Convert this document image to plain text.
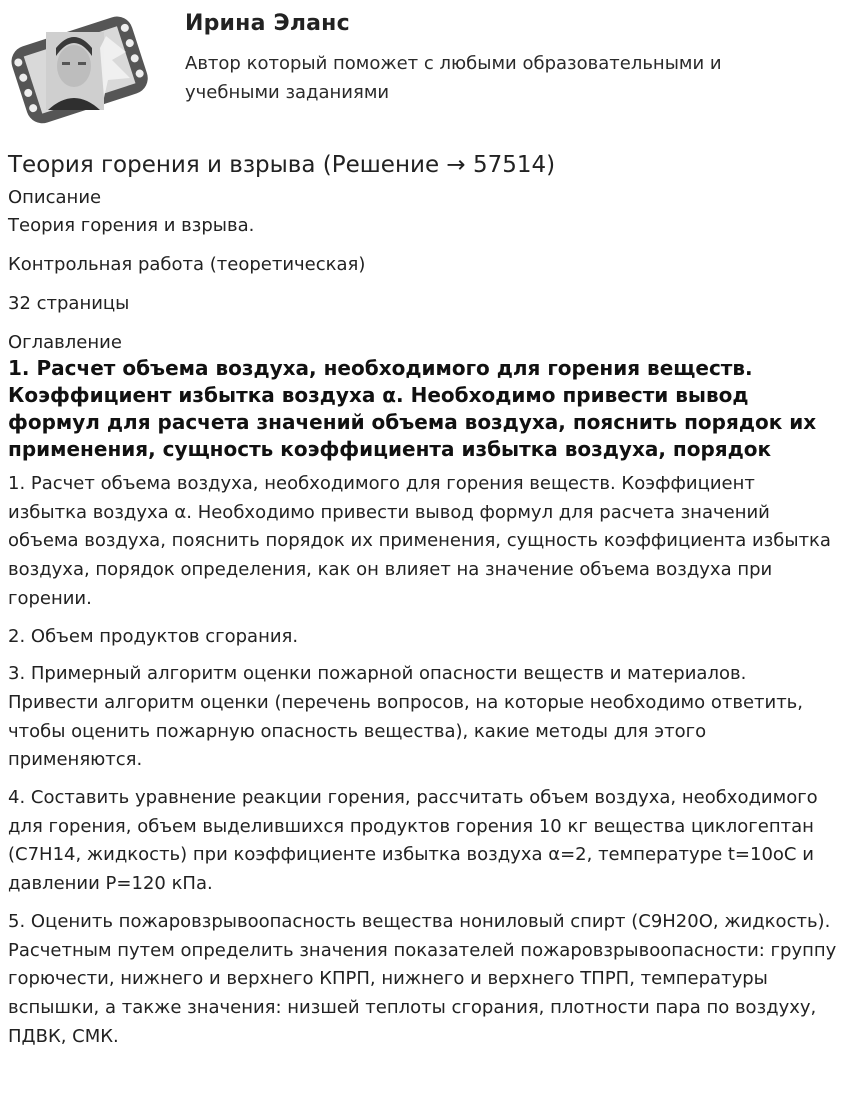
Ирина Эланс
Автор который поможет с любыми образовательными и учебными заданиями
Теория горения и взрыва (Решение → 57514)
Описание

Теория горения и взрыва.

Контрольная работа (теоретическая)

32 страницы

Оглавление
1. Расчет объема воздуха, необходимого для горения веществ. Коэффициент избытка воздуха α. Необходимо привести вывод формул для расчета значений объема воздуха, пояснить порядок их применения, сущность коэффициента избытка воздуха, порядок

1. Расчет объема воздуха, необходимого для горения веществ. Коэффициент избытка воздуха α. Необходимо привести вывод формул для расчета значений объема воздуха, пояснить порядок их применения, сущность коэффициента избытка воздуха, порядок определения, как он влияет на значение объема воздуха при горении.

2. Объем продуктов сгорания.

3. Примерный алгоритм оценки пожарной опасности веществ и материалов. Привести алгоритм оценки (перечень вопросов, на которые необходимо ответить, чтобы оценить пожарную опасность вещества), какие методы для этого применяются.

4. Составить уравнение реакции горения, рассчитать объем воздуха, необходимого для горения, объем выделившихся продуктов горения 10 кг вещества циклогептан (С7Н14, жидкость) при коэффициенте избытка воздуха α=2, температуре t=10oC и давлении P=120 кПа.

5. Оценить пожаровзрывоопасность вещества нониловый спирт (С9Н20О, жидкость). Расчетным путем определить значения показателей пожаровзрывоопасности: группу горючести, нижнего и верхнего КПРП, нижнего и верхнего ТПРП, температуры вспышки, а также значения: низшей теплоты сгорания, плотности пара по воздуху, ПДВК, СМК.
